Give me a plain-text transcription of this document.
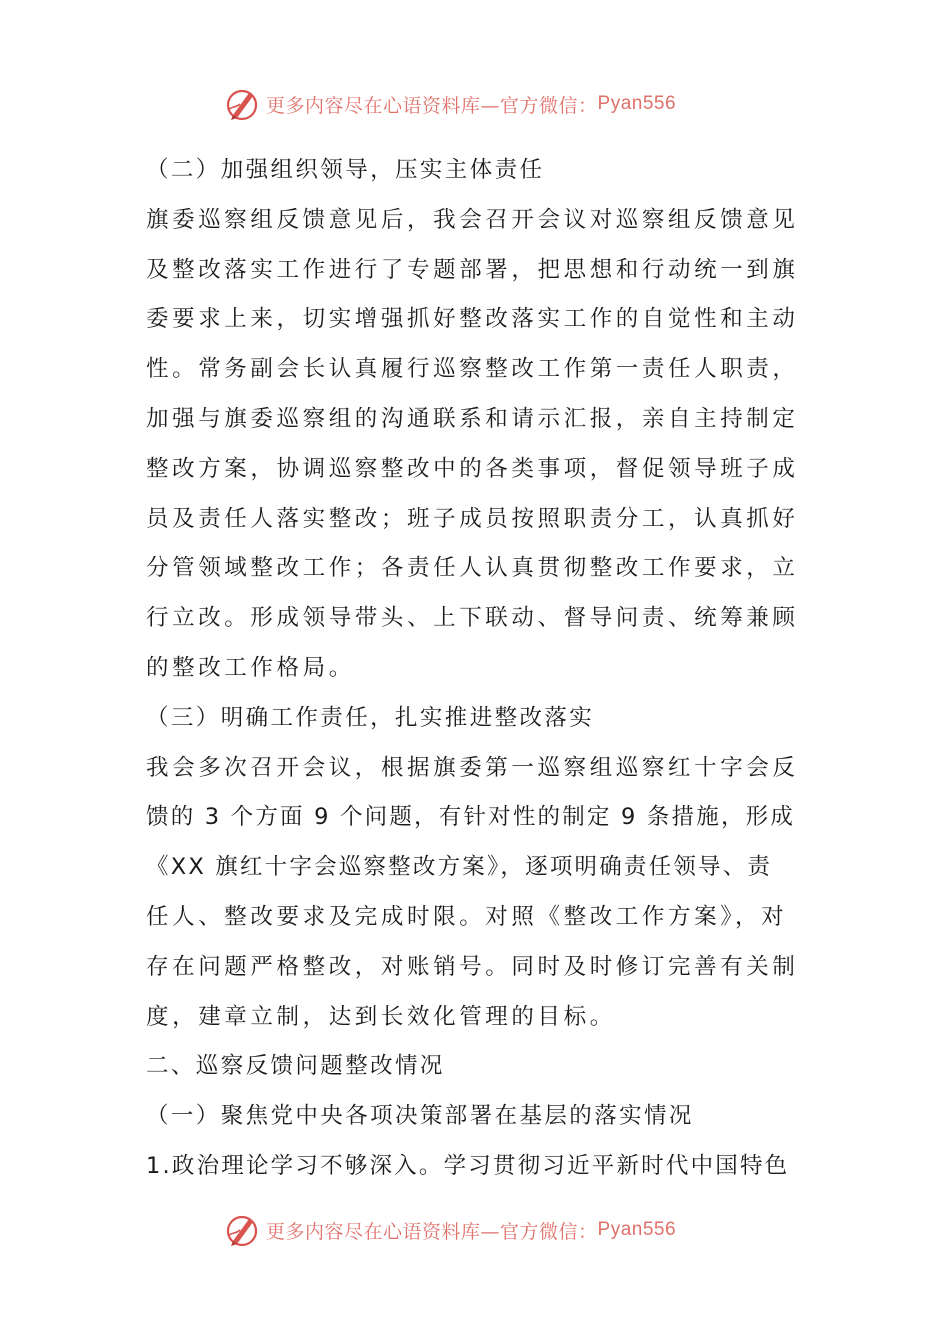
更多内容尽在心语资料库—官方微信： Pyan556
（二）加强组织领导，压实主体责任
旗委巡察组反馈意见后，我会召开会议对巡察组反馈意见
及整改落实工作进行了专题部署，把思想和行动统一到旗
委要求上来，切实增强抓好整改落实工作的自觉性和主动
性。常务副会长认真履行巡察整改工作第一责任人职责，
加强与旗委巡察组的沟通联系和请示汇报，亲自主持制定
整改方案，协调巡察整改中的各类事项，督促领导班子成
员及责任人落实整改；班子成员按照职责分工，认真抓好
分管领域整改工作；各责任人认真贯彻整改工作要求，立
行立改。形成领导带头、上下联动、督导问责、统筹兼顾
的整改工作格局。
（三）明确工作责任，扎实推进整改落实
我会多次召开会议，根据旗委第一巡察组巡察红十字会反
馈的 3 个方面 9 个问题，有针对性的制定 9 条措施，形成
《XX 旗红十字会巡察整改方案》，逐项明确责任领导、责
任人、整改要求及完成时限。对照《整改工作方案》，对
存在问题严格整改，对账销号。同时及时修订完善有关制
度，建章立制，达到长效化管理的目标。
二、巡察反馈问题整改情况
（一）聚焦党中央各项决策部署在基层的落实情况
1.政治理论学习不够深入。学习贯彻习近平新时代中国特色
更多内容尽在心语资料库—官方微信： Pyan556
